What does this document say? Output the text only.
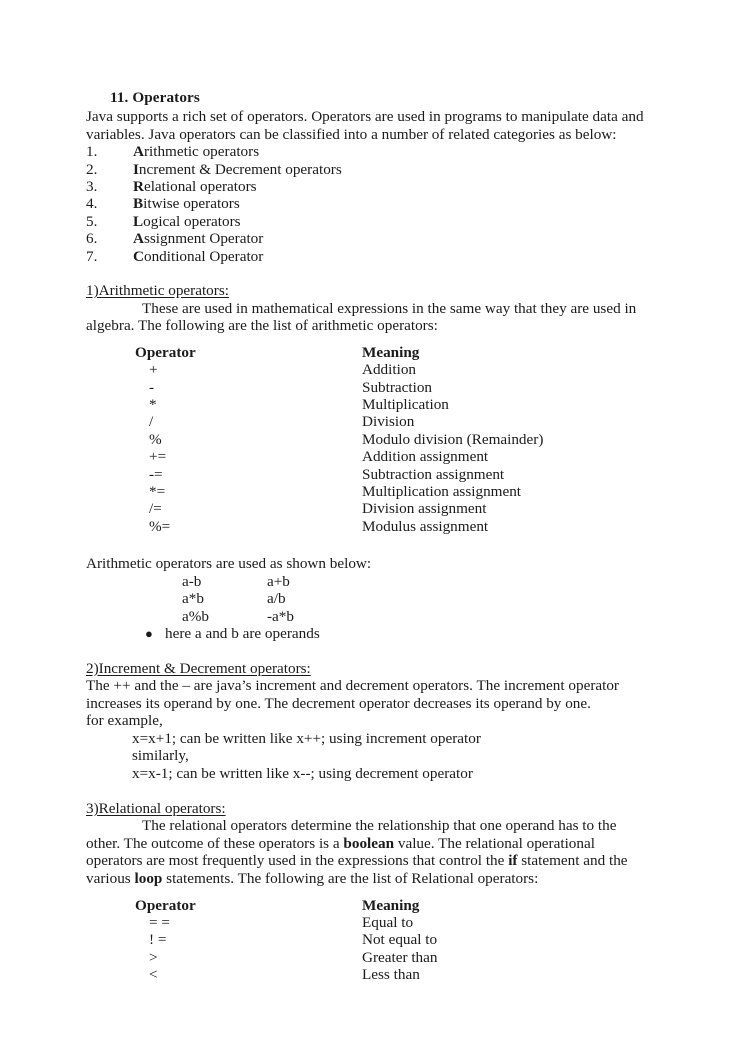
11. Operators

Java supports a rich set of operators. Operators are used in programs to manipulate data and variables. Java operators can be classified into a number of related categories as below:

1 .	Arithmetic operators
2 .	Increment & Decrement operators
3 .	Relational operators
4 .	Bitwise operators
5 .	Logical operators
6 .	Assignment Operator
7 .	Conditional Operator
1)Arithmetic operators:

These are used in mathematical expressions in the same way that they are used in algebra. The following are the list of arithmetic operators:

Operator	Meaning
+	Addition
-	Subtraction
*	Multiplication
/	Division
%	Modulo division (Remainder)
+=	Addition assignment
-=	Subtraction assignment
*=	Multiplication assignment
/=	Division assignment
%=	Modulus assignment

Arithmetic operators are used as shown below:

a-b	a+b
a*b	a/b
a%b	-a*b
● here a and b are operands
2)Increment & Decrement operators:

The ++ and the – are java’s increment and decrement operators. The increment operator increases its operand by one. The decrement operator decreases its operand by one.

for example,

x=x+1; can be written like x++; using increment operator
similarly,
x=x-1; can be written like x--; using decrement operator
3)Relational operators:

The relational operators determine the relationship that one operand has to the other. The outcome of these operators is a boolean value. The relational operational operators are most frequently used in the expressions that control the if statement and the various loop statements. The following are the list of Relational operators:

Operator	Meaning
= =	Equal to
! =	Not equal to
>	Greater than
<	Less than
